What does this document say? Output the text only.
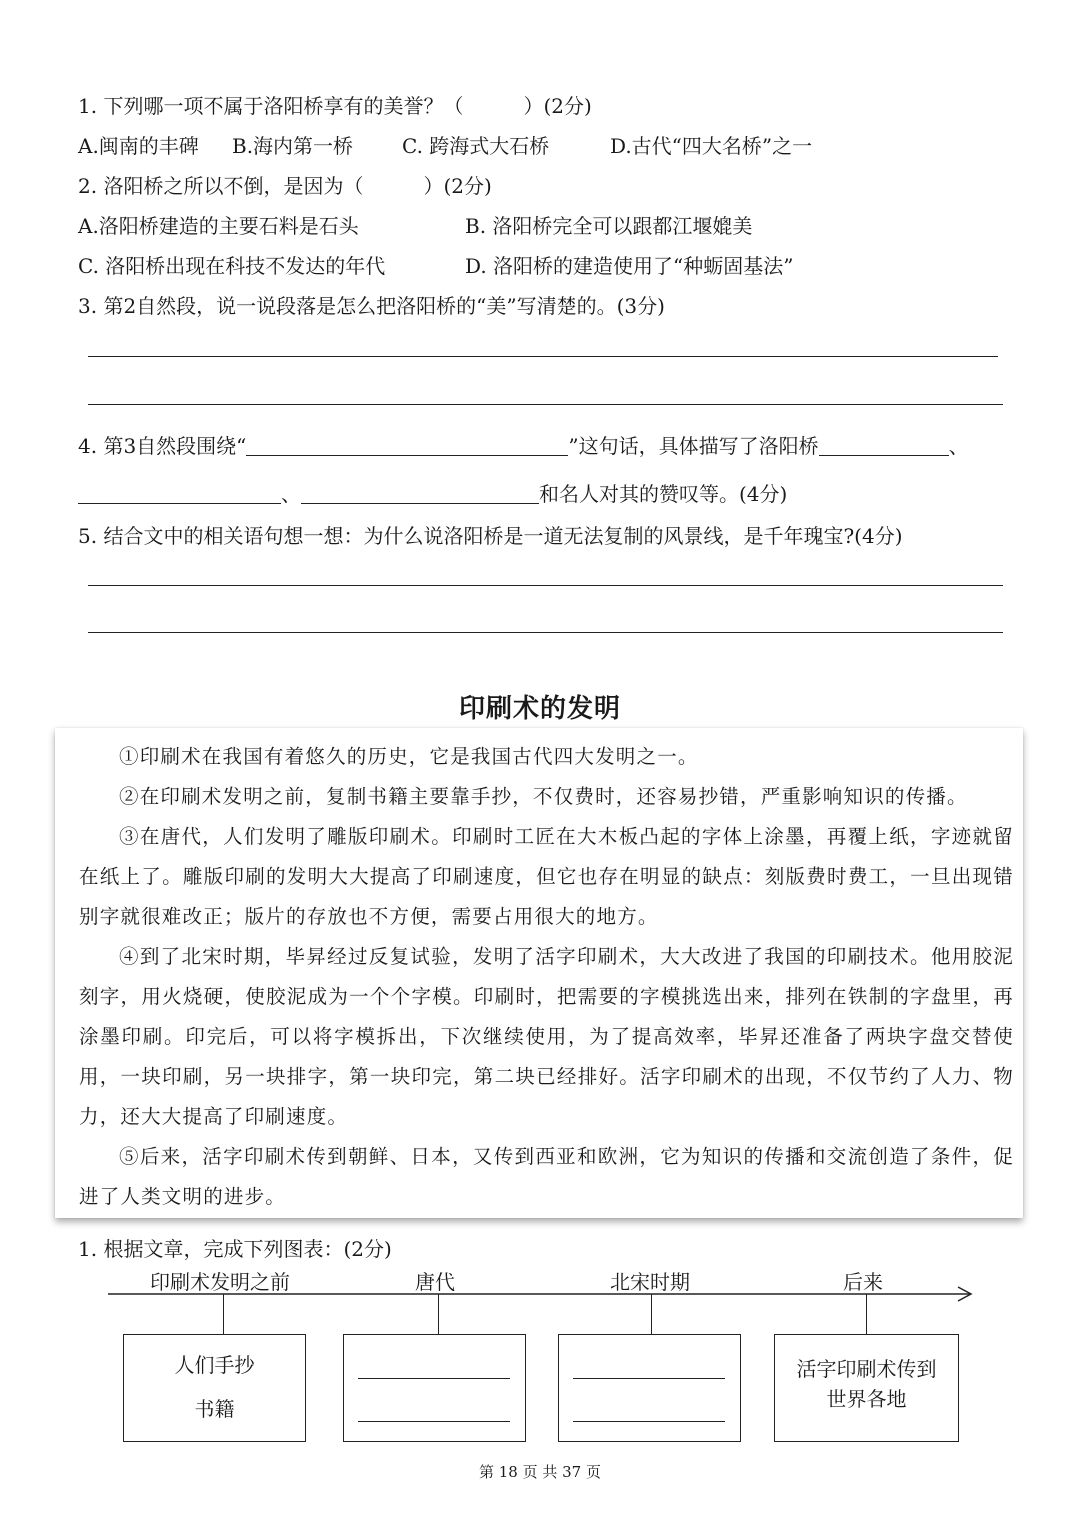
1. 下列哪一项不属于洛阳桥享有的美誉？（　　　）(2分)
A.闽南的丰碑 B.海内第一桥 C. 跨海式大石桥	D.古代“四大名桥”之一
2. 洛阳桥之所以不倒，是因为（　　　）(2分)
A.洛阳桥建造的主要石料是石头	B. 洛阳桥完全可以跟都江堰媲美
C. 洛阳桥出现在科技不发达的年代	D. 洛阳桥的建造使用了“种蛎固基法”
3. 第2自然段，说一说段落是怎么把洛阳桥的“美”写清楚的。(3分)
4. 第3自然段围绕“	”这句话，具体描写了洛阳桥	、
、	和名人对其的赞叹等。(4分)
5. 结合文中的相关语句想一想：为什么说洛阳桥是一道无法复制的风景线，是千年瑰宝?(4分)
印刷术的发明

①印刷术在我国有着悠久的历史，它是我国古代四大发明之一。

②在印刷术发明之前，复制书籍主要靠手抄，不仅费时，还容易抄错，严重影响知识的传播。

③在唐代，人们发明了雕版印刷术。印刷时工匠在大木板凸起的字体上涂墨，再覆上纸，字迹就留在纸上了。雕版印刷的发明大大提高了印刷速度，但它也存在明显的缺点：刻版费时费工，一旦出现错别字就很难改正；版片的存放也不方便，需要占用很大的地方。

④到了北宋时期，毕昇经过反复试验，发明了活字印刷术，大大改进了我国的印刷技术。他用胶泥刻字，用火烧硬，使胶泥成为一个个字模。印刷时，把需要的字模挑选出来，排列在铁制的字盘里，再涂墨印刷。印完后，可以将字模拆出，下次继续使用，为了提高效率，毕昇还准备了两块字盘交替使用，一块印刷，另一块排字，第一块印完，第二块已经排好。活字印刷术的出现，不仅节约了人力、物力，还大大提高了印刷速度。

⑤后来，活字印刷术传到朝鲜、日本，又传到西亚和欧洲，它为知识的传播和交流创造了条件，促进了人类文明的进步。

1. 根据文章，完成下列图表：(2分)
印刷术发明之前	唐代	北宋时期	后来
人们手抄
书籍
活字印刷术传到
世界各地
第 18 页 共 37 页
